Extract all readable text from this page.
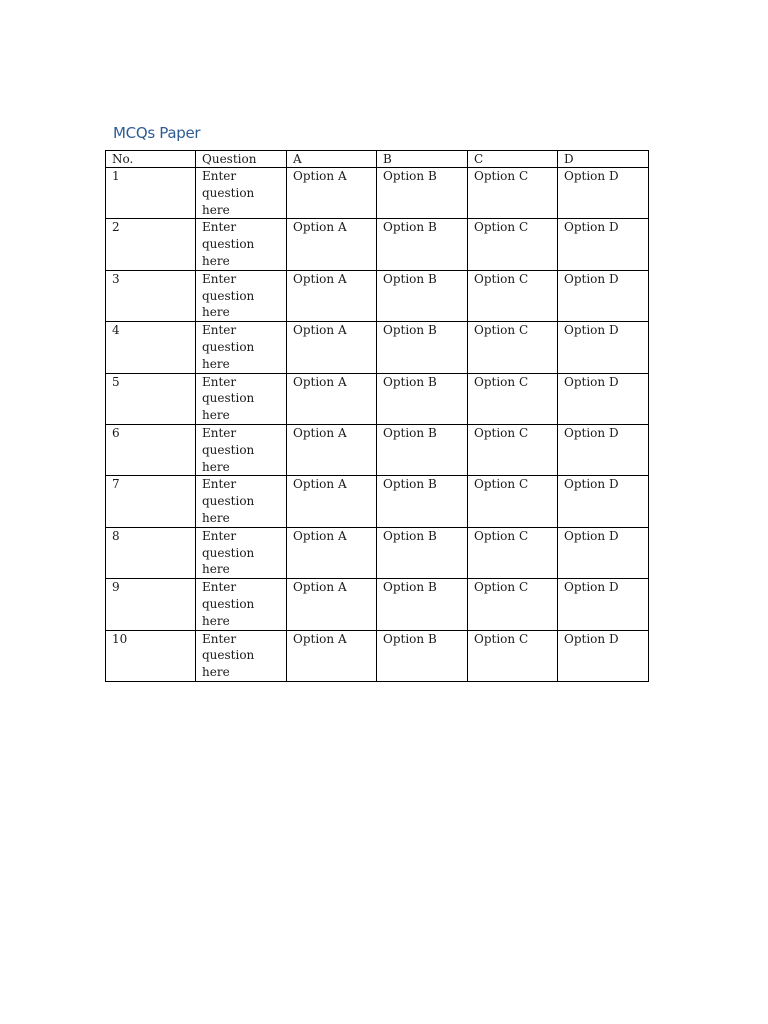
MCQs Paper
No.	Question	A	B	C	D
1	Enter question here	Option A	Option B	Option C	Option D
2	Enter question here	Option A	Option B	Option C	Option D
3	Enter question here	Option A	Option B	Option C	Option D
4	Enter question here	Option A	Option B	Option C	Option D
5	Enter question here	Option A	Option B	Option C	Option D
6	Enter question here	Option A	Option B	Option C	Option D
7	Enter question here	Option A	Option B	Option C	Option D
8	Enter question here	Option A	Option B	Option C	Option D
9	Enter question here	Option A	Option B	Option C	Option D
10	Enter question here	Option A	Option B	Option C	Option D
